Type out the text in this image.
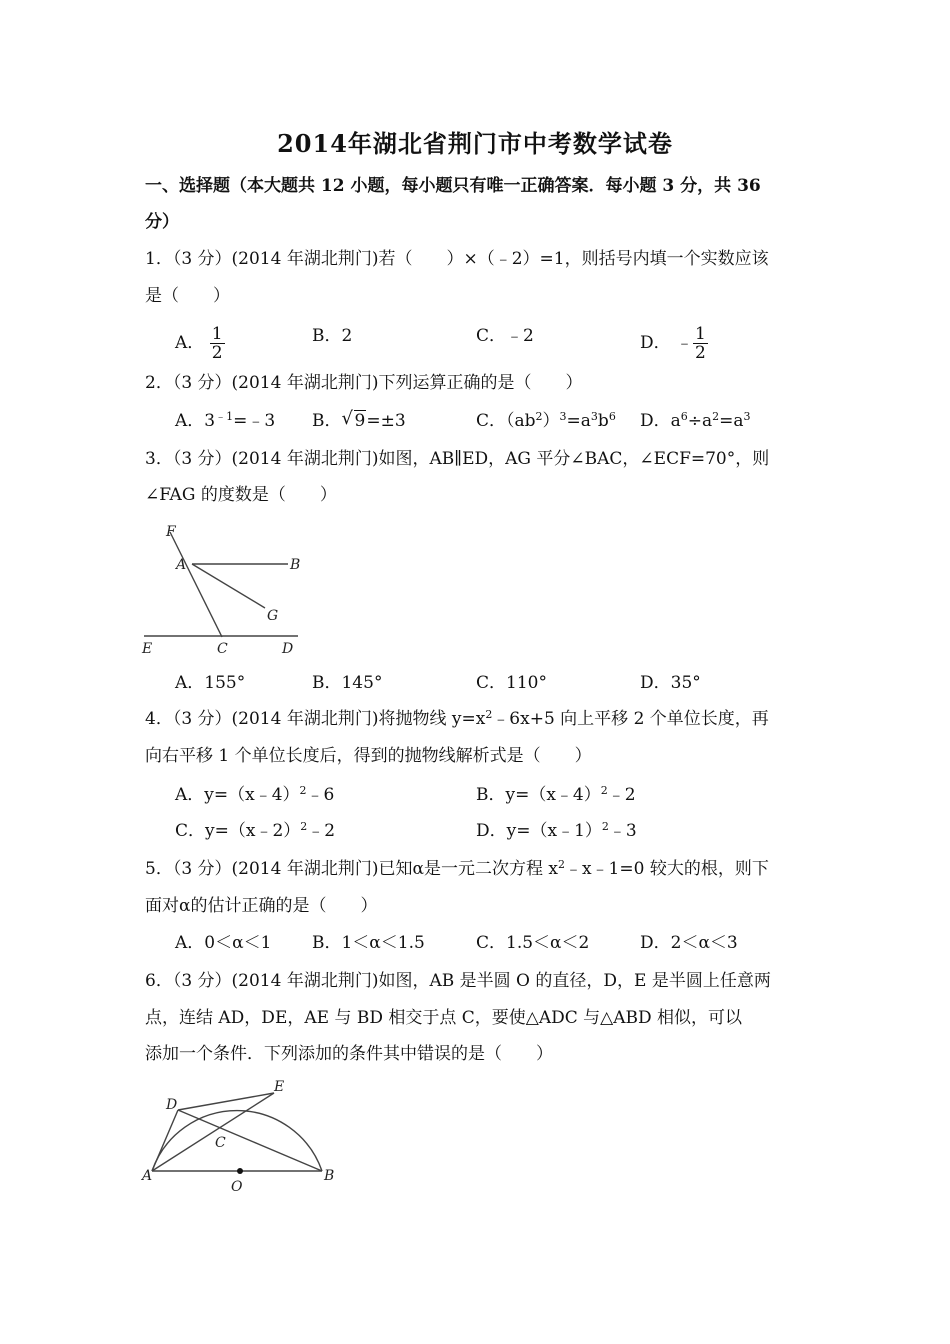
2014年湖北省荆门市中考数学试卷
一、选择题（本大题共 12 小题，每小题只有唯一正确答案．每小题 3 分，共 36
分）
1．（3 分）(2014 年湖北荆门)若（　　）×（﹣2）=1，则括号内填一个实数应该
是（　　）
A． $\frac{1}{2}$	B．2	C．﹣2	D． ﹣ $\frac{1}{2}$
2．（3 分）(2014 年湖北荆门)下列运算正确的是（　　）
A．$3^{﹣1}=﹣3$ B． √ 9=±3	C．$(ab^2)^3=a^3b^6$ D．$a^6\div a^2=a^3$
3．（3 分）(2014 年湖北荆门)如图，AB∥ED，AG 平分∠BAC，∠ECF=70°，则
∠FAG 的度数是（　　）
F
A	B
G
E	C	D
A．155°	B．145°	C．110°	D．35°
4．（3 分）(2014 年湖北荆门)将抛物线 $y=x^2﹣6x+5$ 向上平移 2 个单位长度，再
向右平移 1 个单位长度后，得到的抛物线解析式是（　　）
A．y=（x﹣4）$^2$﹣6	B．y=（x﹣4）$^2$﹣2
C．y=（x﹣2）$^2$﹣2	D．y=（x﹣1）$^2$﹣3
5．（3 分）(2014 年湖北荆门)已知α是一元二次方程 $x^2﹣x﹣1=0$ 较大的根，则下
面对α的估计正确的是（　　）
A．0＜α＜1 B．1＜α＜1.5	C．1.5＜α＜2	D．2＜α＜3
6．（3 分）(2014 年湖北荆门)如图，AB 是半圆 O 的直径，D，E 是半圆上任意两
点，连结 AD，DE，AE 与 BD 相交于点 C，要使△ADC 与△ABD 相似，可以
添加一个条件．下列添加的条件其中错误的是（　　）
D
E
C
A
O
B
